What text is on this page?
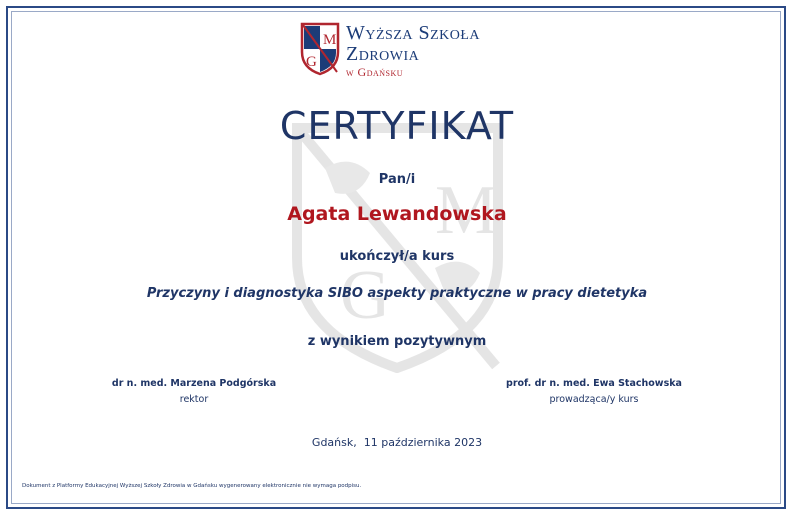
M
G
M
G
Wyższa Szkoła
Zdrowia
w Gdańsku
CERTYFIKAT
Pan/i
Agata Lewandowska
ukończył/a kurs
Przyczyny i diagnostyka SIBO aspekty praktyczne w pracy dietetyka
z wynikiem pozytywnym
dr n. med. Marzena Podgórska
rektor
prof. dr n. med. Ewa Stachowska
prowadząca/y kurs
Gdańsk,  11 października 2023
Dokument z Platformy Edukacyjnej Wyższej Szkoły Zdrowia w Gdańsku wygenerowany elektronicznie nie wymaga podpisu.
